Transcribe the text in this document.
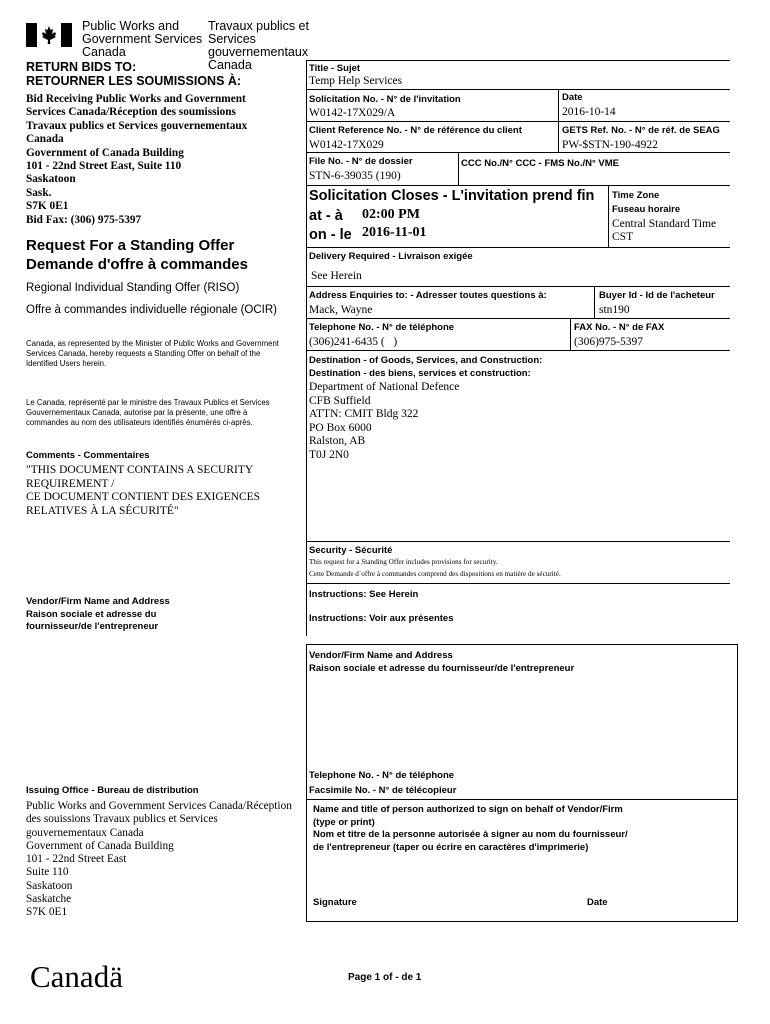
Public Works and
Government Services
Canada
Travaux publics et
Services gouvernementaux
Canada
RETURN BIDS TO:
RETOURNER LES SOUMISSIONS À:
Bid Receiving Public Works and Government
Services Canada/Réception des soumissions
Travaux publics et Services gouvernementaux
Canada
Government of Canada Building
101 - 22nd Street East, Suite 110
Saskatoon
Sask.
S7K 0E1
Bid Fax: (306) 975-5397
Request For a Standing Offer
Demande d'offre à commandes
Regional Individual Standing Offer (RISO)
Offre à commandes individuelle régionale (OCIR)
Canada, as represented by the Minister of Public Works and Government Services Canada, hereby requests a Standing Offer on behalf of the Identified Users herein.
Le Canada, représenté par le ministre des Travaux Publics et Services Gouvernementaux Canada, autorise par la présente, une offre à commandes au nom des utilisateurs identifiés énumérés ci-après.
Comments - Commentaires
"THIS DOCUMENT CONTAINS A SECURITY
REQUIREMENT /
CE DOCUMENT CONTIENT DES EXIGENCES
RELATIVES À LA SÉCURITÉ"
Vendor/Firm Name and Address
Raison sociale et adresse du
fournisseur/de l'entrepreneur
Issuing Office - Bureau de distribution
Public Works and Government Services Canada/Réception
des souissions Travaux publics et Services
gouvernementaux Canada
Government of Canada Building
101 - 22nd Street East
Suite 110
Saskatoon
Saskatche
S7K 0E1
Canadä	Page 1 of - de 1
Title - Sujet
Temp Help Services
Solicitation No. - N° de l'invitation
W0142-17X029/A
Date
2016-10-14
Client Reference No. - N° de référence du client
W0142-17X029
GETS Ref. No. - N° de réf. de SEAG
PW-$STN-190-4922
File No. - N° de dossier
STN-6-39035 (190)
CCC No./N° CCC - FMS No./N° VME
Solicitation Closes - L'invitation prend fin
at - à 02:00 PM
on - le 2016-11-01
Time Zone
Fuseau horaire
Central Standard Time
CST
Delivery Required - Livraison exigée
See Herein
Address Enquiries to: - Adresser toutes questions à:
Mack, Wayne
Buyer Id - Id de l'acheteur
stn190
Telephone No. - N° de téléphone
(306)241-6435 (   )
FAX No. - N° de FAX
(306)975-5397
Destination - of Goods, Services, and Construction:
Destination - des biens, services et construction:
Department of National Defence
CFB Suffield
ATTN: CMIT Bldg 322
PO Box 6000
Ralston, AB
T0J 2N0
Security - Sécurité
This request for a Standing Offer includes provisions for security.
Cette Demande d´offre à commandes comprend des dispositions en matière de sécurité.
Instructions: See Herein
Instructions: Voir aux présentes
Vendor/Firm Name and Address
Raison sociale et adresse du fournisseur/de l'entrepreneur
Telephone No. - N° de téléphone
Facsimile No. - N° de télécopieur
Name and title of person authorized to sign on behalf of Vendor/Firm
(type or print)
Nom et titre de la personne autorisée à signer au nom du fournisseur/
de l'entrepreneur (taper ou écrire en caractères d'imprimerie)
Signature	Date
